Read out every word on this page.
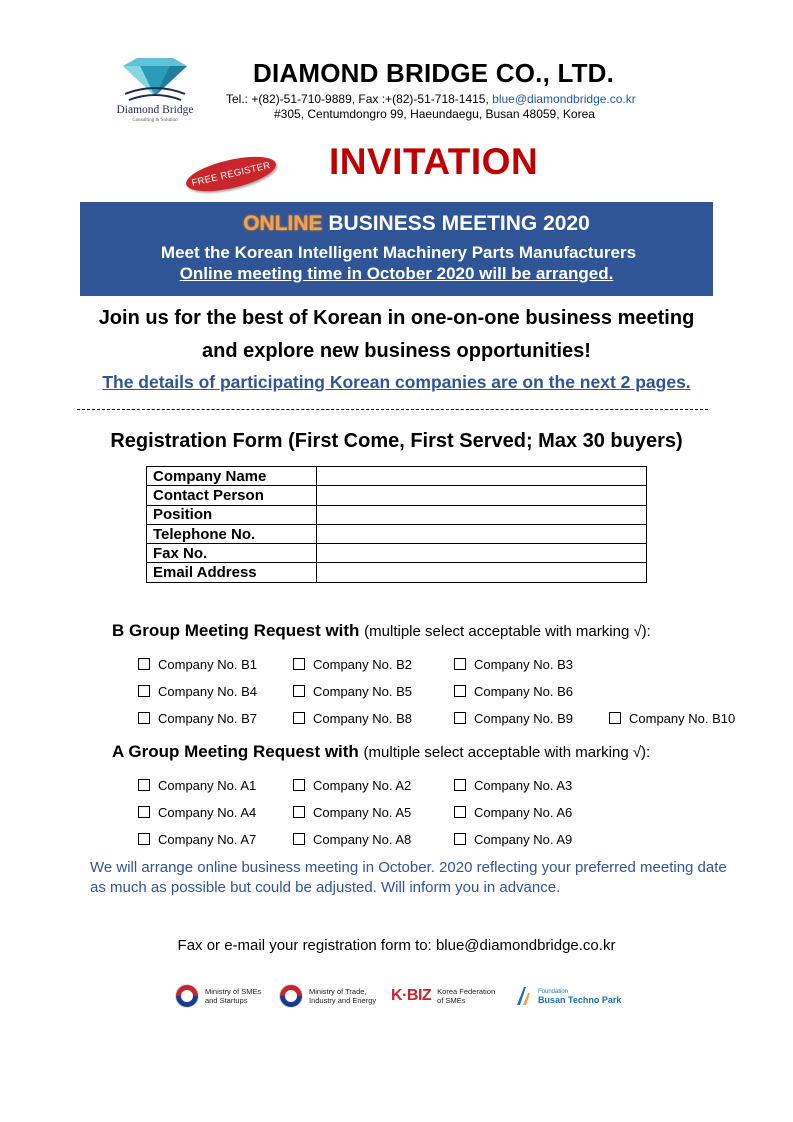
Diamond Bridge
Consulting & Solution
DIAMOND BRIDGE CO., LTD.
Tel.: +(82)-51-710-9889, Fax :+(82)-51-718-1415, blue@diamondbridge.co.kr
#305, Centumdongro 99, Haeundaegu, Busan 48059, Korea
FREE REGISTER INVITATION
ONLINE BUSINESS MEETING 2020
Meet the Korean Intelligent Machinery Parts Manufacturers
Online meeting time in October 2020 will be arranged.
Join us for the best of Korean in one-on-one business meeting
and explore new business opportunities!
The details of participating Korean companies are on the next 2 pages.
Registration Form (First Come, First Served; Max 30 buyers)
Company Name	
Contact Person	
Position	
Telephone No.	
Fax No.	
Email Address	
B Group Meeting Request with (multiple select acceptable with marking √):
Company No. B1	Company No. B2	Company No. B3
Company No. B4	Company No. B5	Company No. B6
Company No. B7	Company No. B8	Company No. B9	Company No. B10
A Group Meeting Request with (multiple select acceptable with marking √):
Company No. A1	Company No. A2	Company No. A3
Company No. A4	Company No. A5	Company No. A6
Company No. A7	Company No. A8	Company No. A9
We will arrange online business meeting in October. 2020 reflecting your preferred meeting date as much as possible but could be adjusted. Will inform you in advance.
Fax or e-mail your registration form to: blue@diamondbridge.co.kr
Ministry of SMEs
and Startups
Ministry of Trade,
Industry and Energy K·BIZ Korea Federation
of SMEs
Foundation
Busan Techno Park
